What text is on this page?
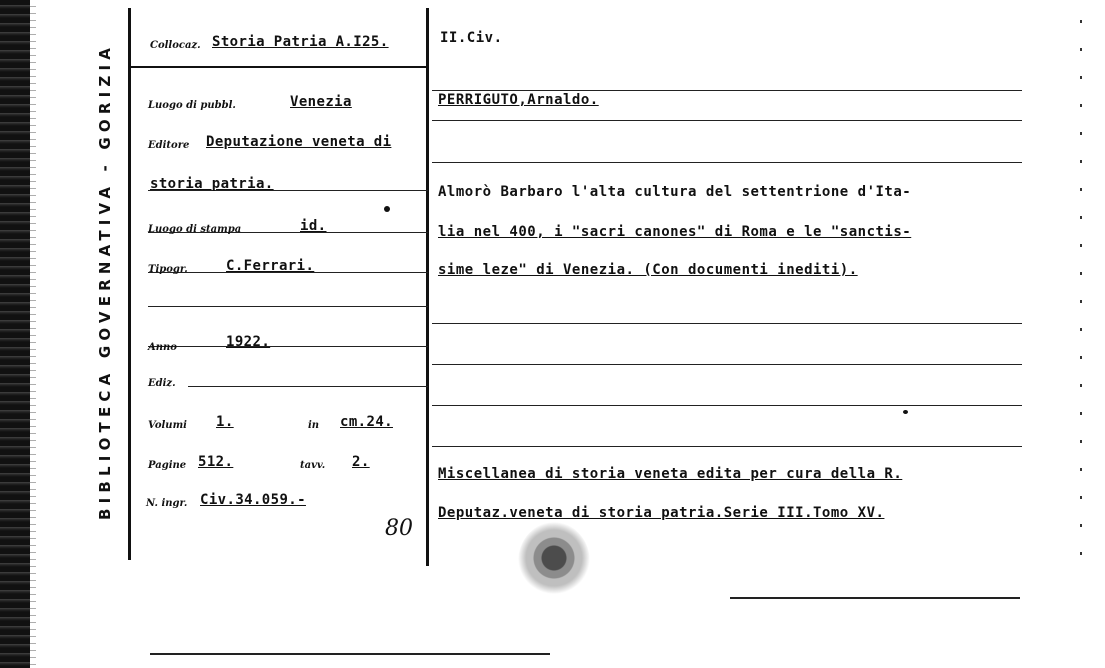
BIBLIOTECA GOVERNATIVA - GORIZIA	Collocaz. Storia Patria A.I25.
Luogo di pubbl.	Venezia
Editore Deputazione veneta di
storia patria.
Luogo di stampa	id.
Tipogr.	C.Ferrari.
Anno	1922.
Ediz.
Volumi 1.	in cm.24.
Pagine 512.	tavv. 2.
N. ingr. Civ.34.059.-
80
II.Civ.
PERRIGUTO,Arnaldo.
Almorò Barbaro l'alta cultura del settentrione d'Ita-
lia nel 400, i "sacri canones" di Roma e le "sanctis-
sime leze" di Venezia. (Con documenti inediti).
Miscellanea di storia veneta edita per cura della R.
Deputaz.veneta di storia patria.Serie III.Tomo XV.
